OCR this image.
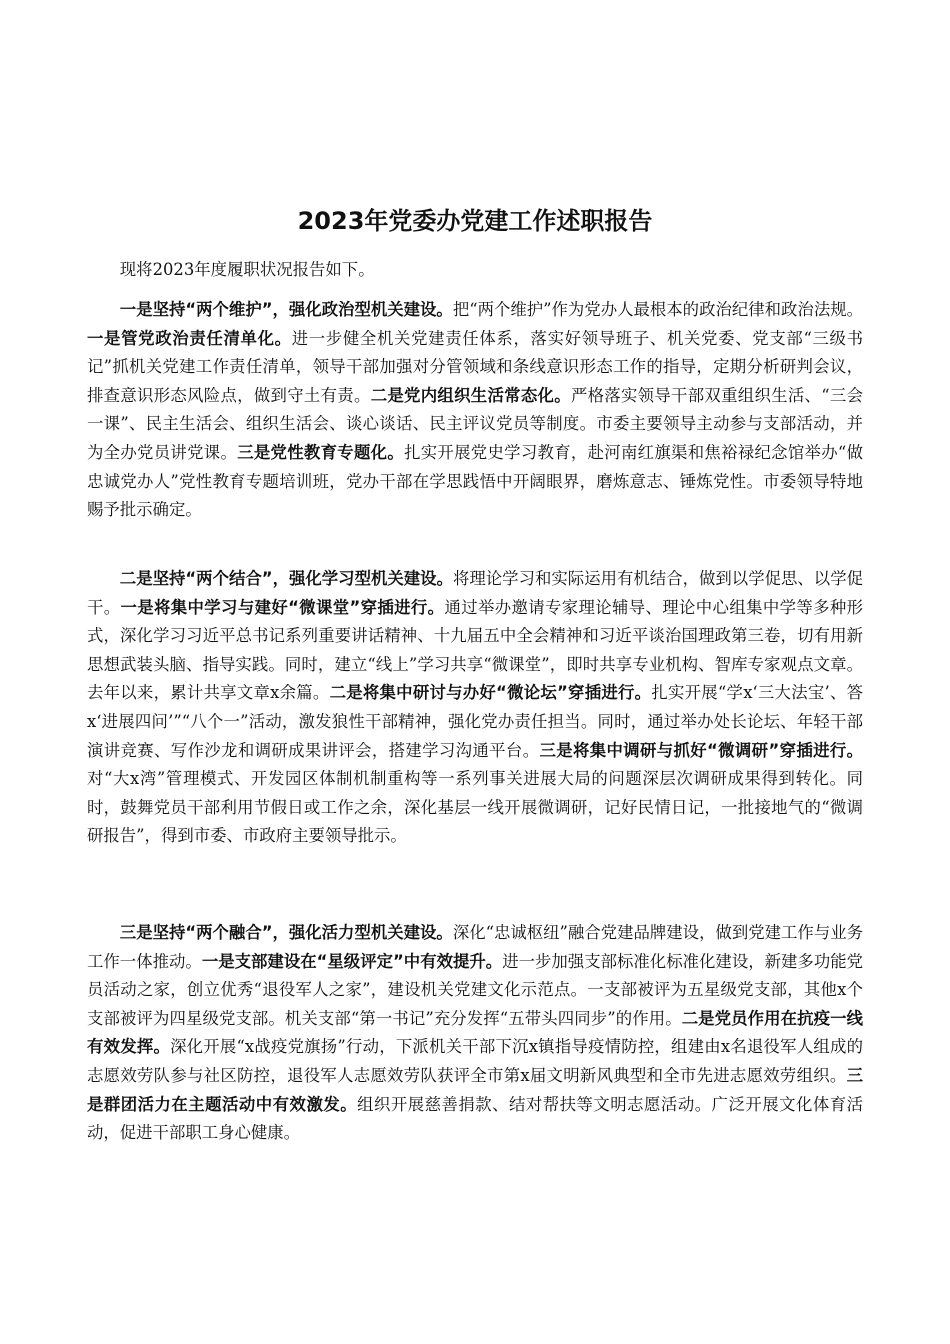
2023年党委办党建工作述职报告

现将2023年度履职状况报告如下。

一是坚持“两个维护”，强化政治型机关建设。把“两个维护”作为党办人最根本的政治纪律和政治法规。一是管党政治责任清单化。进一步健全机关党建责任体系，落实好领导班子、机关党委、党支部“三级书记”抓机关党建工作责任清单，领导干部加强对分管领域和条线意识形态工作的指导，定期分析研判会议，排查意识形态风险点，做到守土有责。二是党内组织生活常态化。严格落实领导干部双重组织生活、“三会一课”、民主生活会、组织生活会、谈心谈话、民主评议党员等制度。市委主要领导主动参与支部活动，并为全办党员讲党课。三是党性教育专题化。扎实开展党史学习教育，赴河南红旗渠和焦裕禄纪念馆举办“做忠诚党办人”党性教育专题培训班，党办干部在学思践悟中开阔眼界，磨炼意志、锤炼党性。市委领导特地赐予批示确定。

二是坚持“两个结合”，强化学习型机关建设。将理论学习和实际运用有机结合，做到以学促思、以学促干。一是将集中学习与建好“微课堂”穿插进行。通过举办邀请专家理论辅导、理论中心组集中学等多种形式，深化学习习近平总书记系列重要讲话精神、十九届五中全会精神和习近平谈治国理政第三卷，切有用新思想武装头脑、指导实践。同时，建立“线上”学习共享“微课堂”，即时共享专业机构、智库专家观点文章。去年以来，累计共享文章x余篇。二是将集中研讨与办好“微论坛”穿插进行。扎实开展“学x‘三大法宝’、答x‘进展四问’”“八个一”活动，激发狼性干部精神，强化党办责任担当。同时，通过举办处长论坛、年轻干部演讲竞赛、写作沙龙和调研成果讲评会，搭建学习沟通平台。三是将集中调研与抓好“微调研”穿插进行。对“大x湾”管理模式、开发园区体制机制重构等一系列事关进展大局的问题深层次调研成果得到转化。同时，鼓舞党员干部利用节假日或工作之余，深化基层一线开展微调研，记好民情日记，一批接地气的“微调研报告”，得到市委、市政府主要领导批示。

三是坚持“两个融合”，强化活力型机关建设。深化“忠诚枢纽”融合党建品牌建设，做到党建工作与业务工作一体推动。一是支部建设在“星级评定”中有效提升。进一步加强支部标准化标准化建设，新建多功能党员活动之家，创立优秀“退役军人之家”，建设机关党建文化示范点。一支部被评为五星级党支部，其他x个支部被评为四星级党支部。机关支部“第一书记”充分发挥“五带头四同步”的作用。二是党员作用在抗疫一线有效发挥。深化开展“x战疫党旗扬”行动，下派机关干部下沉x镇指导疫情防控，组建由x名退役军人组成的志愿效劳队参与社区防控，退役军人志愿效劳队获评全市第x届文明新风典型和全市先进志愿效劳组织。三是群团活力在主题活动中有效激发。组织开展慈善捐款、结对帮扶等文明志愿活动。广泛开展文化体育活动，促进干部职工身心健康。
